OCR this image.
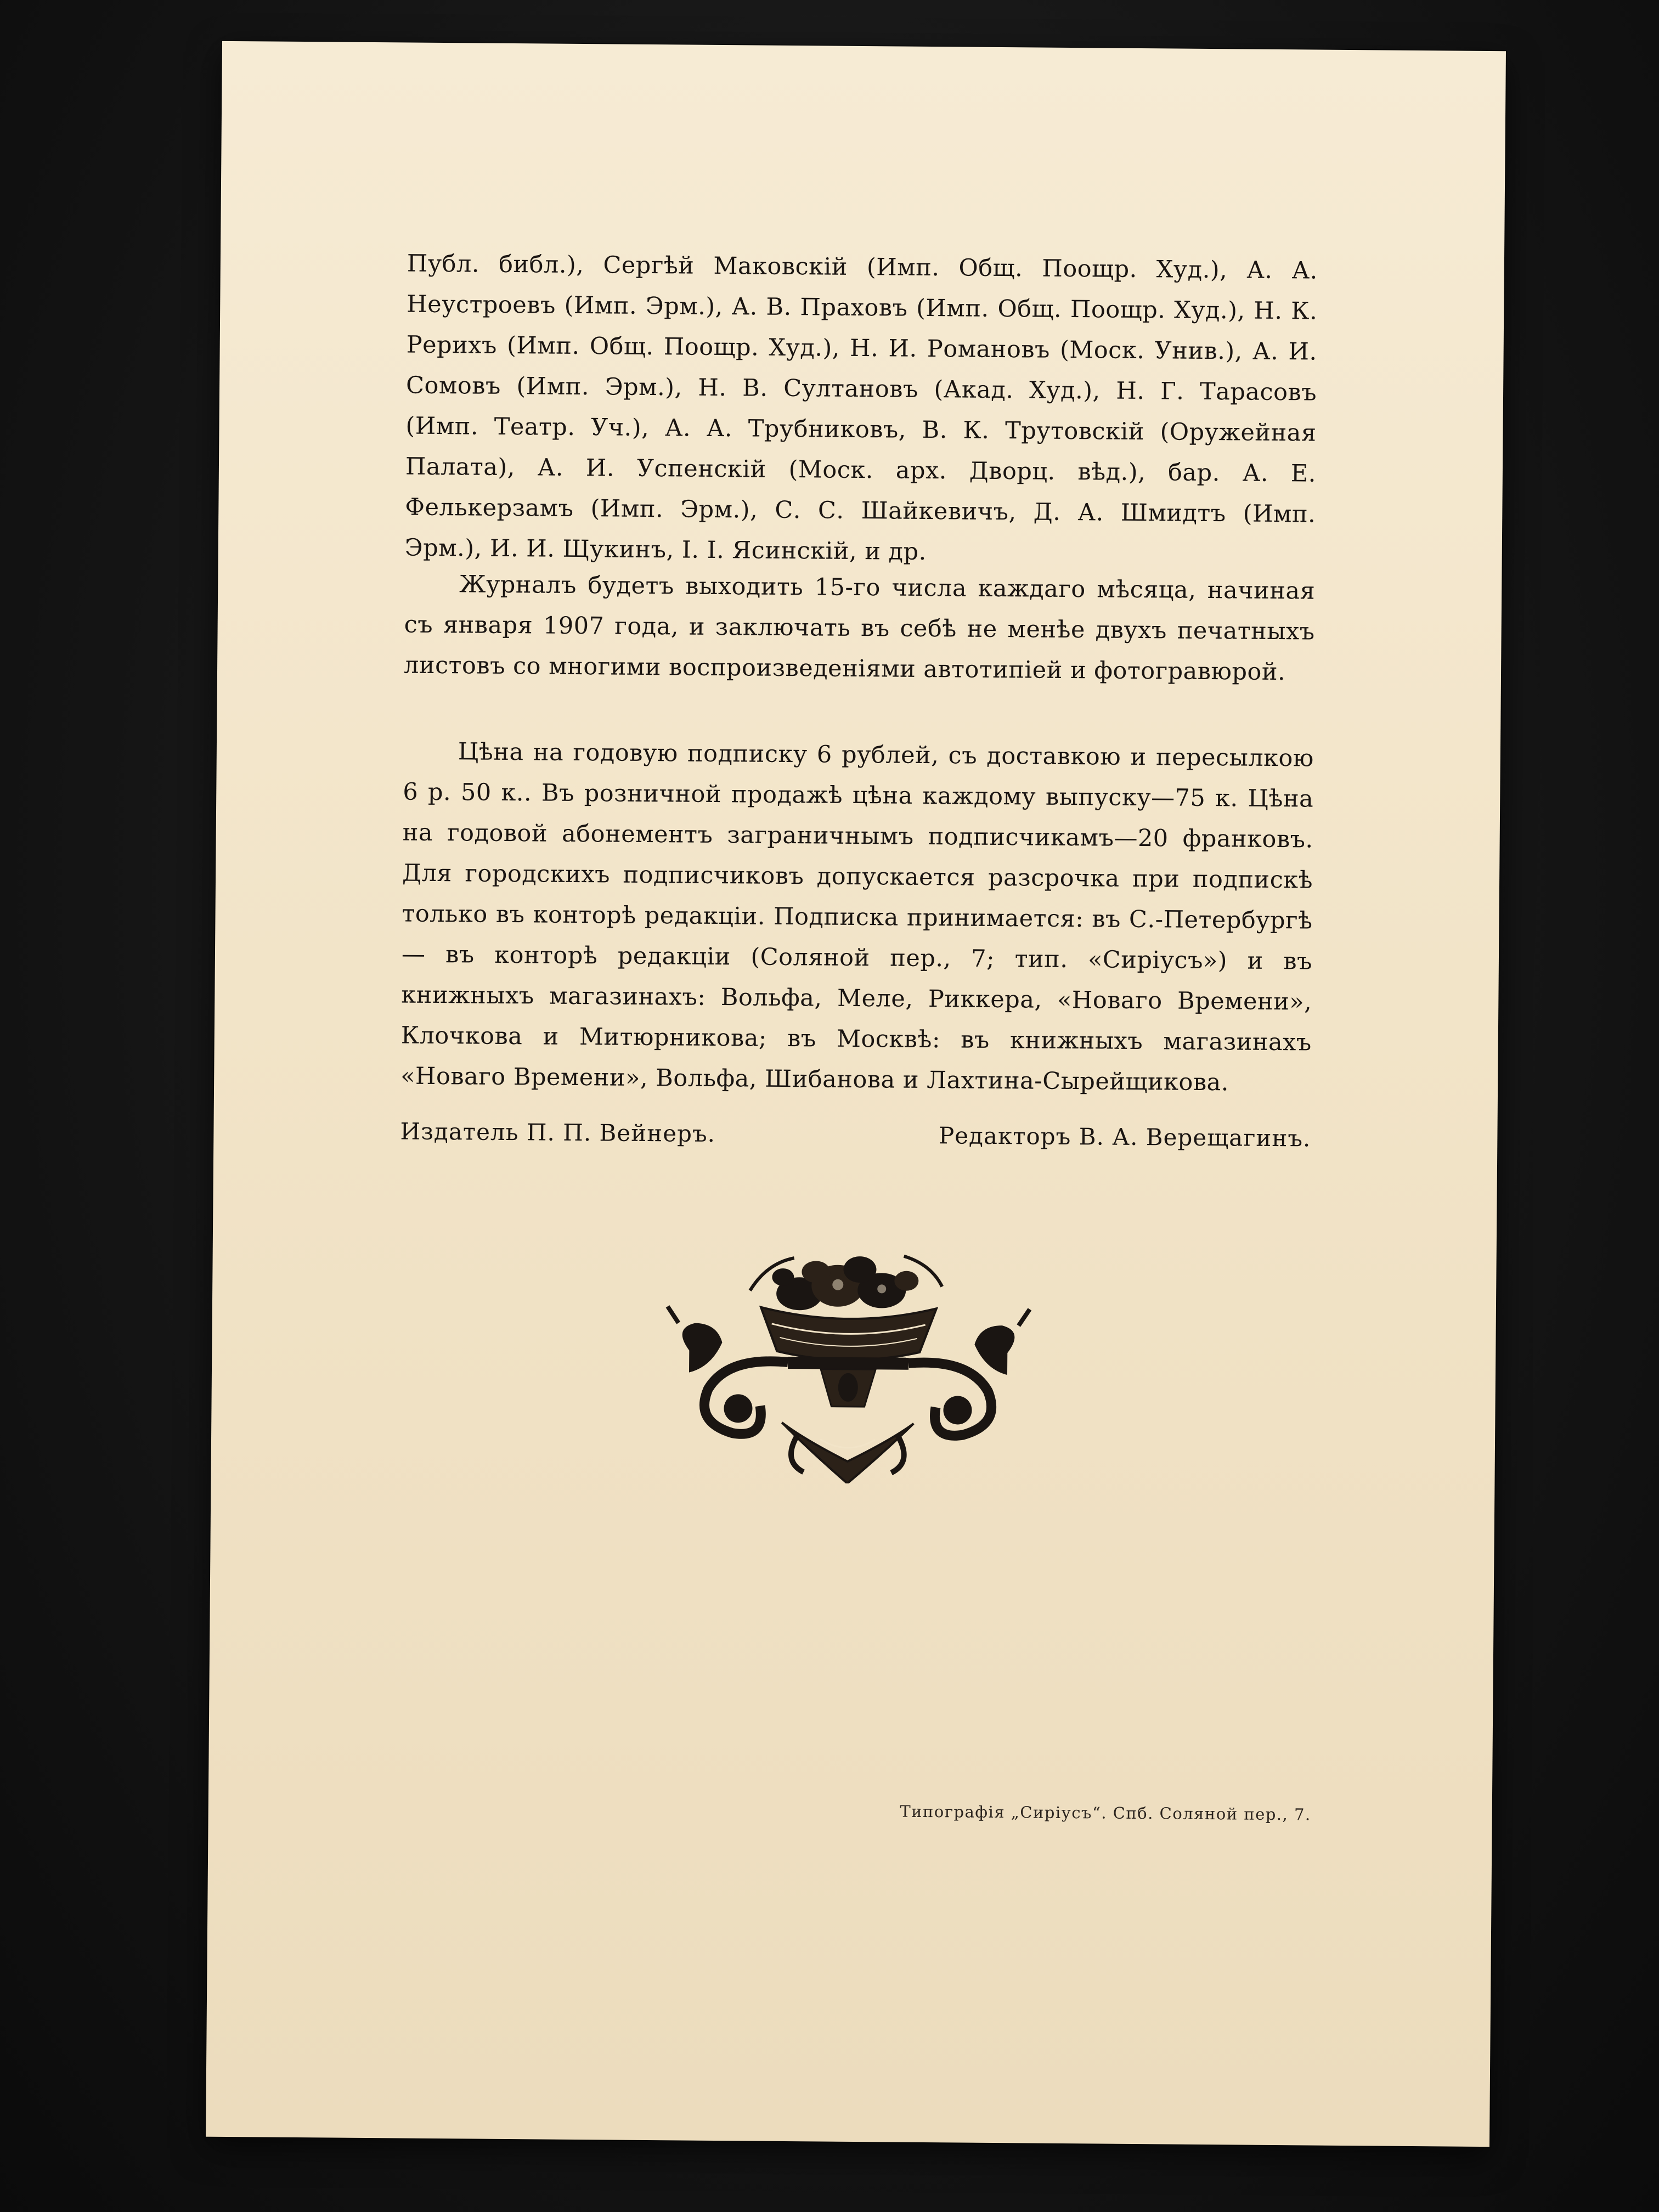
Публ. библ.), Сергѣй Маковскій (Имп. Общ. Поощр. Худ.), А. А. Неустроевъ (Имп. Эрм.), А. В. Праховъ (Имп. Общ. Поощр. Худ.), Н. К. Рерихъ (Имп. Общ. Поощр. Худ.), Н. И. Романовъ (Моск. Унив.), А. И. Сомовъ (Имп. Эрм.), Н. В. Султановъ (Акад. Худ.), Н. Г. Тарасовъ (Имп. Театр. Уч.), А. А. Трубниковъ, В. К. Трутовскій (Оружейная Палата), А. И. Успенскій (Моск. арх. Дворц. вѣд.), бар. А. Е. Фелькерзамъ (Имп. Эрм.), С. С. Шайкевичъ, Д. А. Шмидтъ (Имп. Эрм.), И. И. Щукинъ, І. І. Ясинскій, и др.

Журналъ будетъ выходить 15-го числа каждаго мѣсяца, начиная съ января 1907 года, и заключать въ себѣ не менѣе двухъ печатныхъ листовъ со многими воспроизведеніями автотипіей и фотогравюрой.

Цѣна на годовую подписку 6 рублей, съ доставкою и пересылкою 6 р. 50 к.. Въ розничной продажѣ цѣна каждому выпуску—75 к. Цѣна на годовой абонементъ заграничнымъ подписчикамъ—20 франковъ. Для городскихъ подписчиковъ допускается разсрочка при подпискѣ только въ конторѣ редакціи. Подписка принимается: въ С.-Петербургѣ — въ конторѣ редакціи (Соляной пер., 7; тип. «Сиріусъ») и въ книжныхъ магазинахъ: Вольфа, Меле, Риккера, «Новаго Времени», Клочкова и Митюрникова; въ Москвѣ: въ книжныхъ магазинахъ «Новаго Времени», Вольфа, Шибанова и Лахтина-Сырейщикова.

Издатель П. П. Вейнеръ.	Редакторъ В. А. Верещагинъ.
Типографія „Сиріусъ“. Спб. Соляной пер., 7.
